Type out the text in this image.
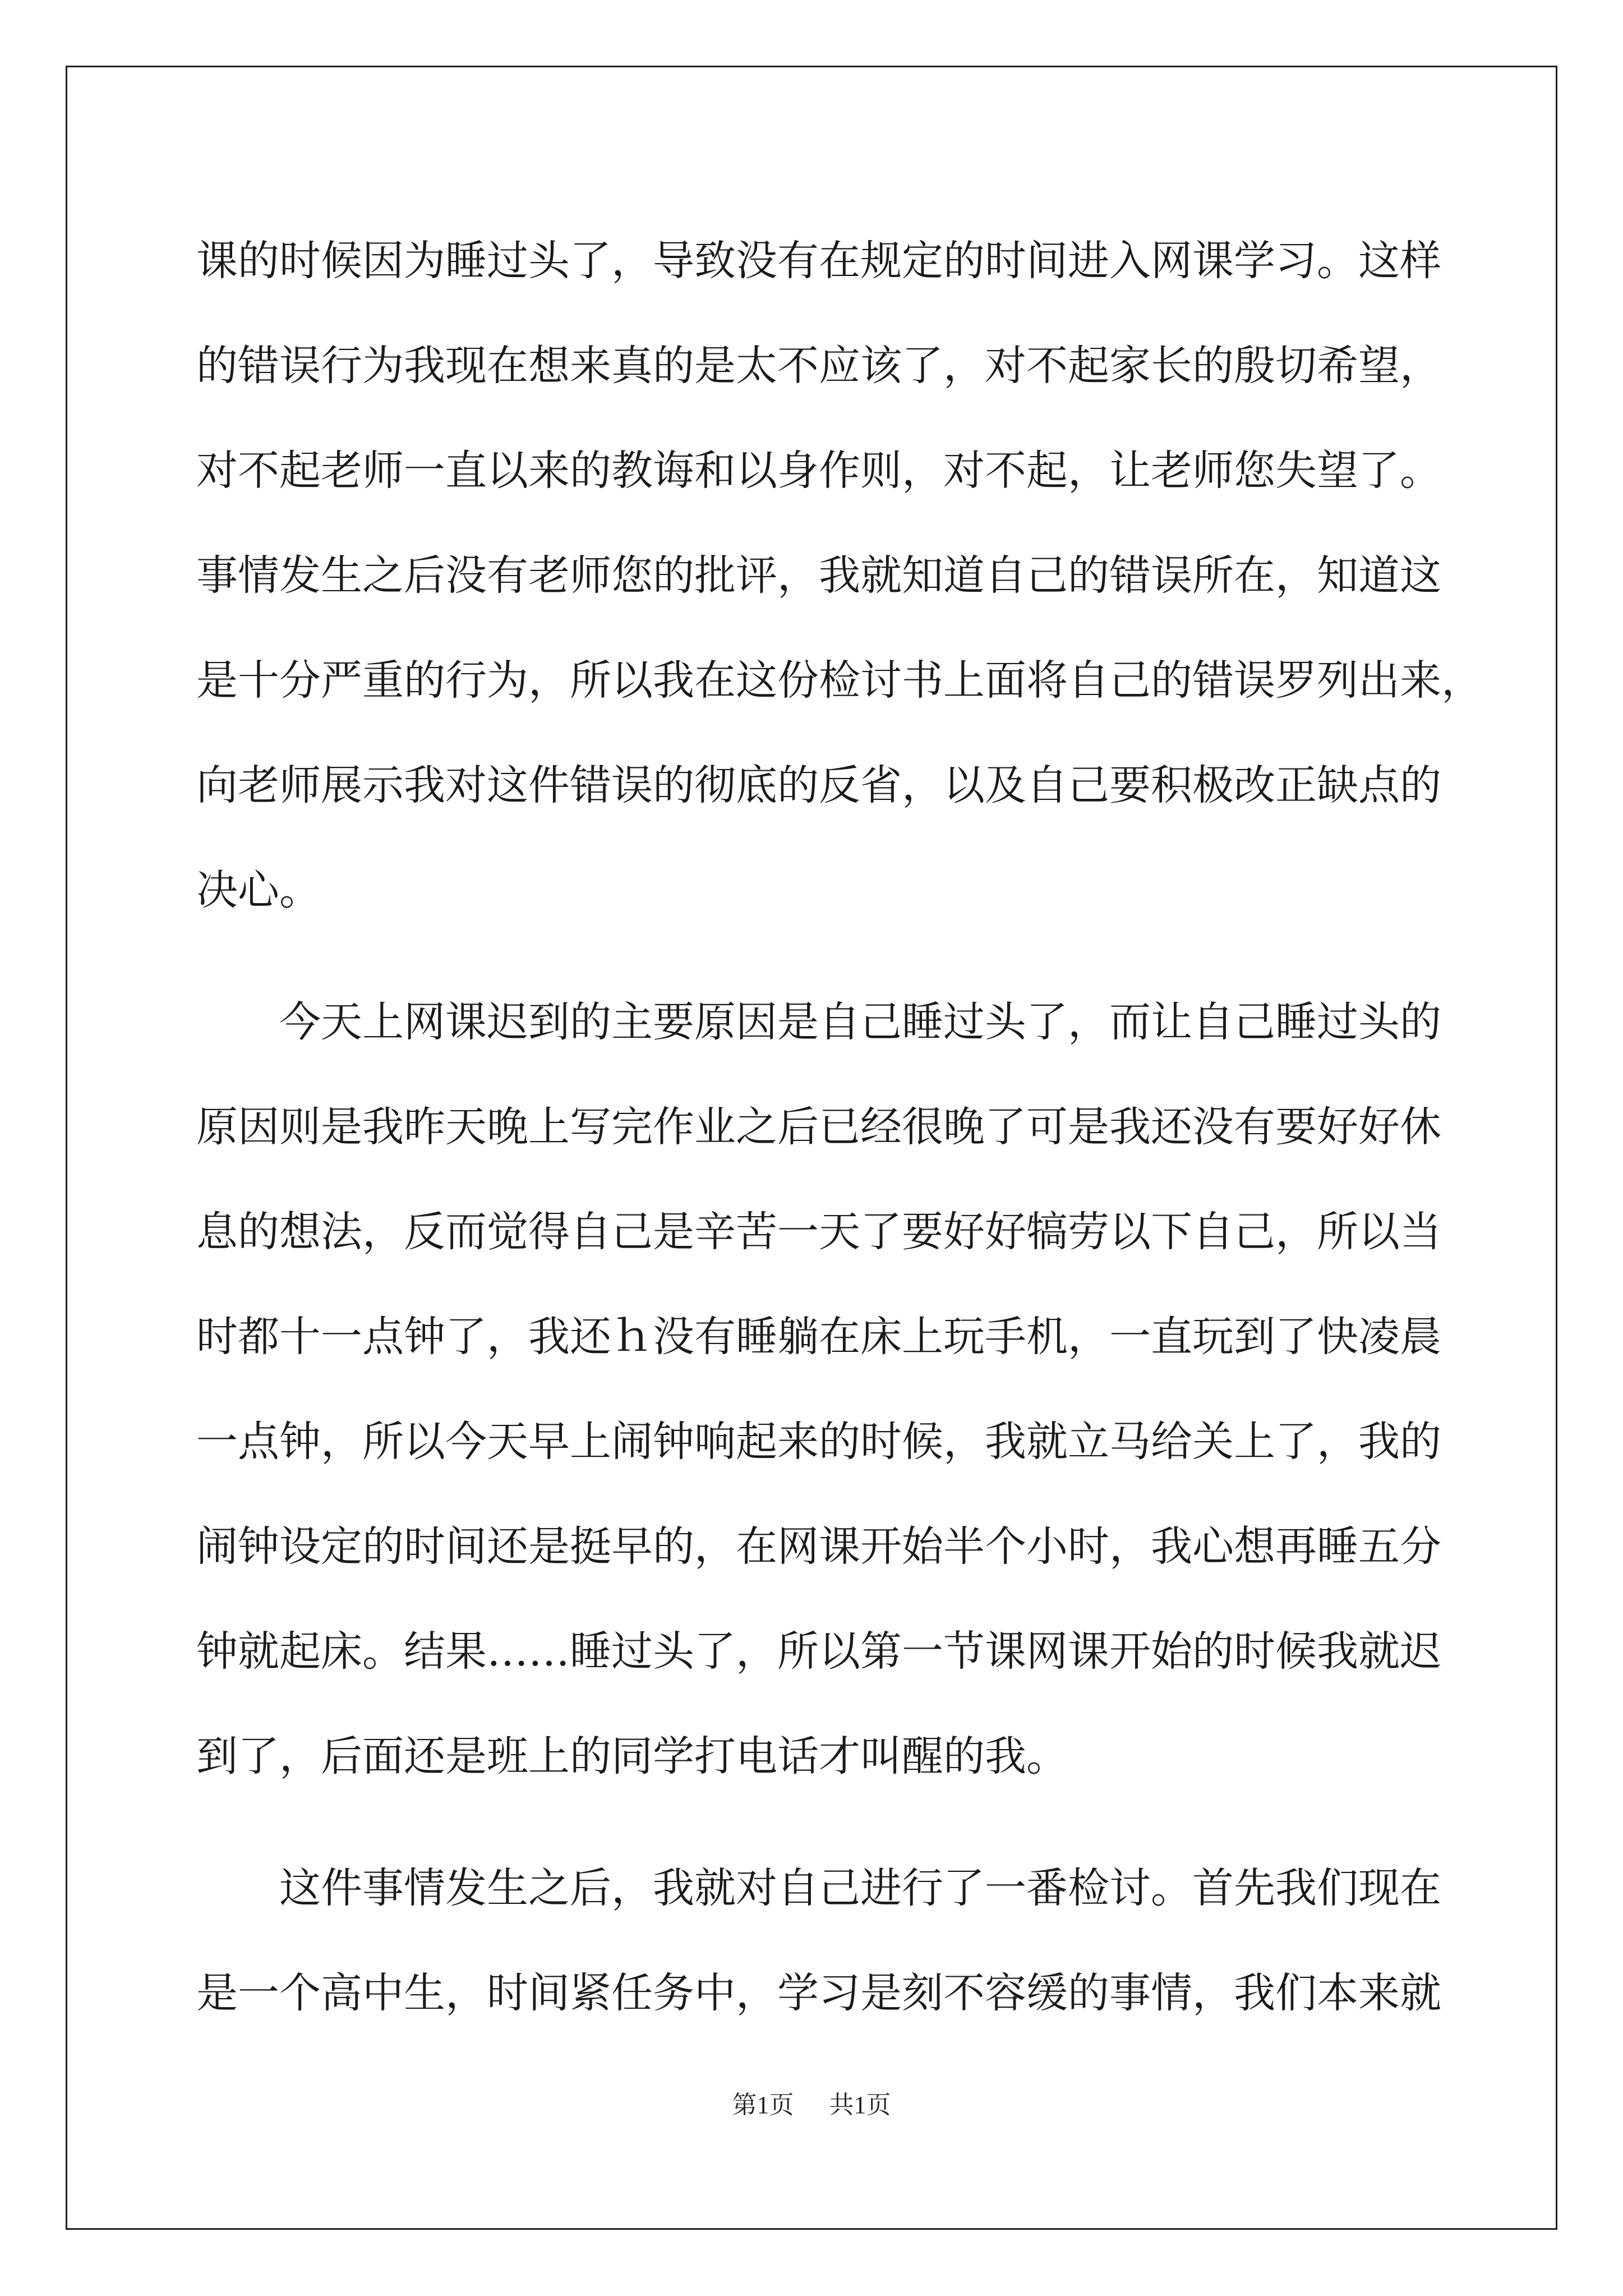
课的时候因为睡过头了，导致没有在规定的时间进入网课学习。这样
的错误行为我现在想来真的是太不应该了，对不起家长的殷切希望，
对不起老师一直以来的教诲和以身作则，对不起，让老师您失望了。
事情发生之后没有老师您的批评，我就知道自己的错误所在，知道这
是十分严重的行为，所以我在这份检讨书上面将自己的错误罗列出来，
向老师展示我对这件错误的彻底的反省，以及自己要积极改正缺点的
决心。
　　今天上网课迟到的主要原因是自己睡过头了，而让自己睡过头的
原因则是我昨天晚上写完作业之后已经很晚了可是我还没有要好好休
息的想法，反而觉得自己是辛苦一天了要好好犒劳以下自己，所以当
时都十一点钟了，我还ｈ没有睡躺在床上玩手机，一直玩到了快凌晨
一点钟，所以今天早上闹钟响起来的时候，我就立马给关上了，我的
闹钟设定的时间还是挺早的，在网课开始半个小时，我心想再睡五分
钟就起床。结果……睡过头了，所以第一节课网课开始的时候我就迟
到了，后面还是班上的同学打电话才叫醒的我。
　　这件事情发生之后，我就对自己进行了一番检讨。首先我们现在
是一个高中生，时间紧任务中，学习是刻不容缓的事情，我们本来就
第1页 共1页
